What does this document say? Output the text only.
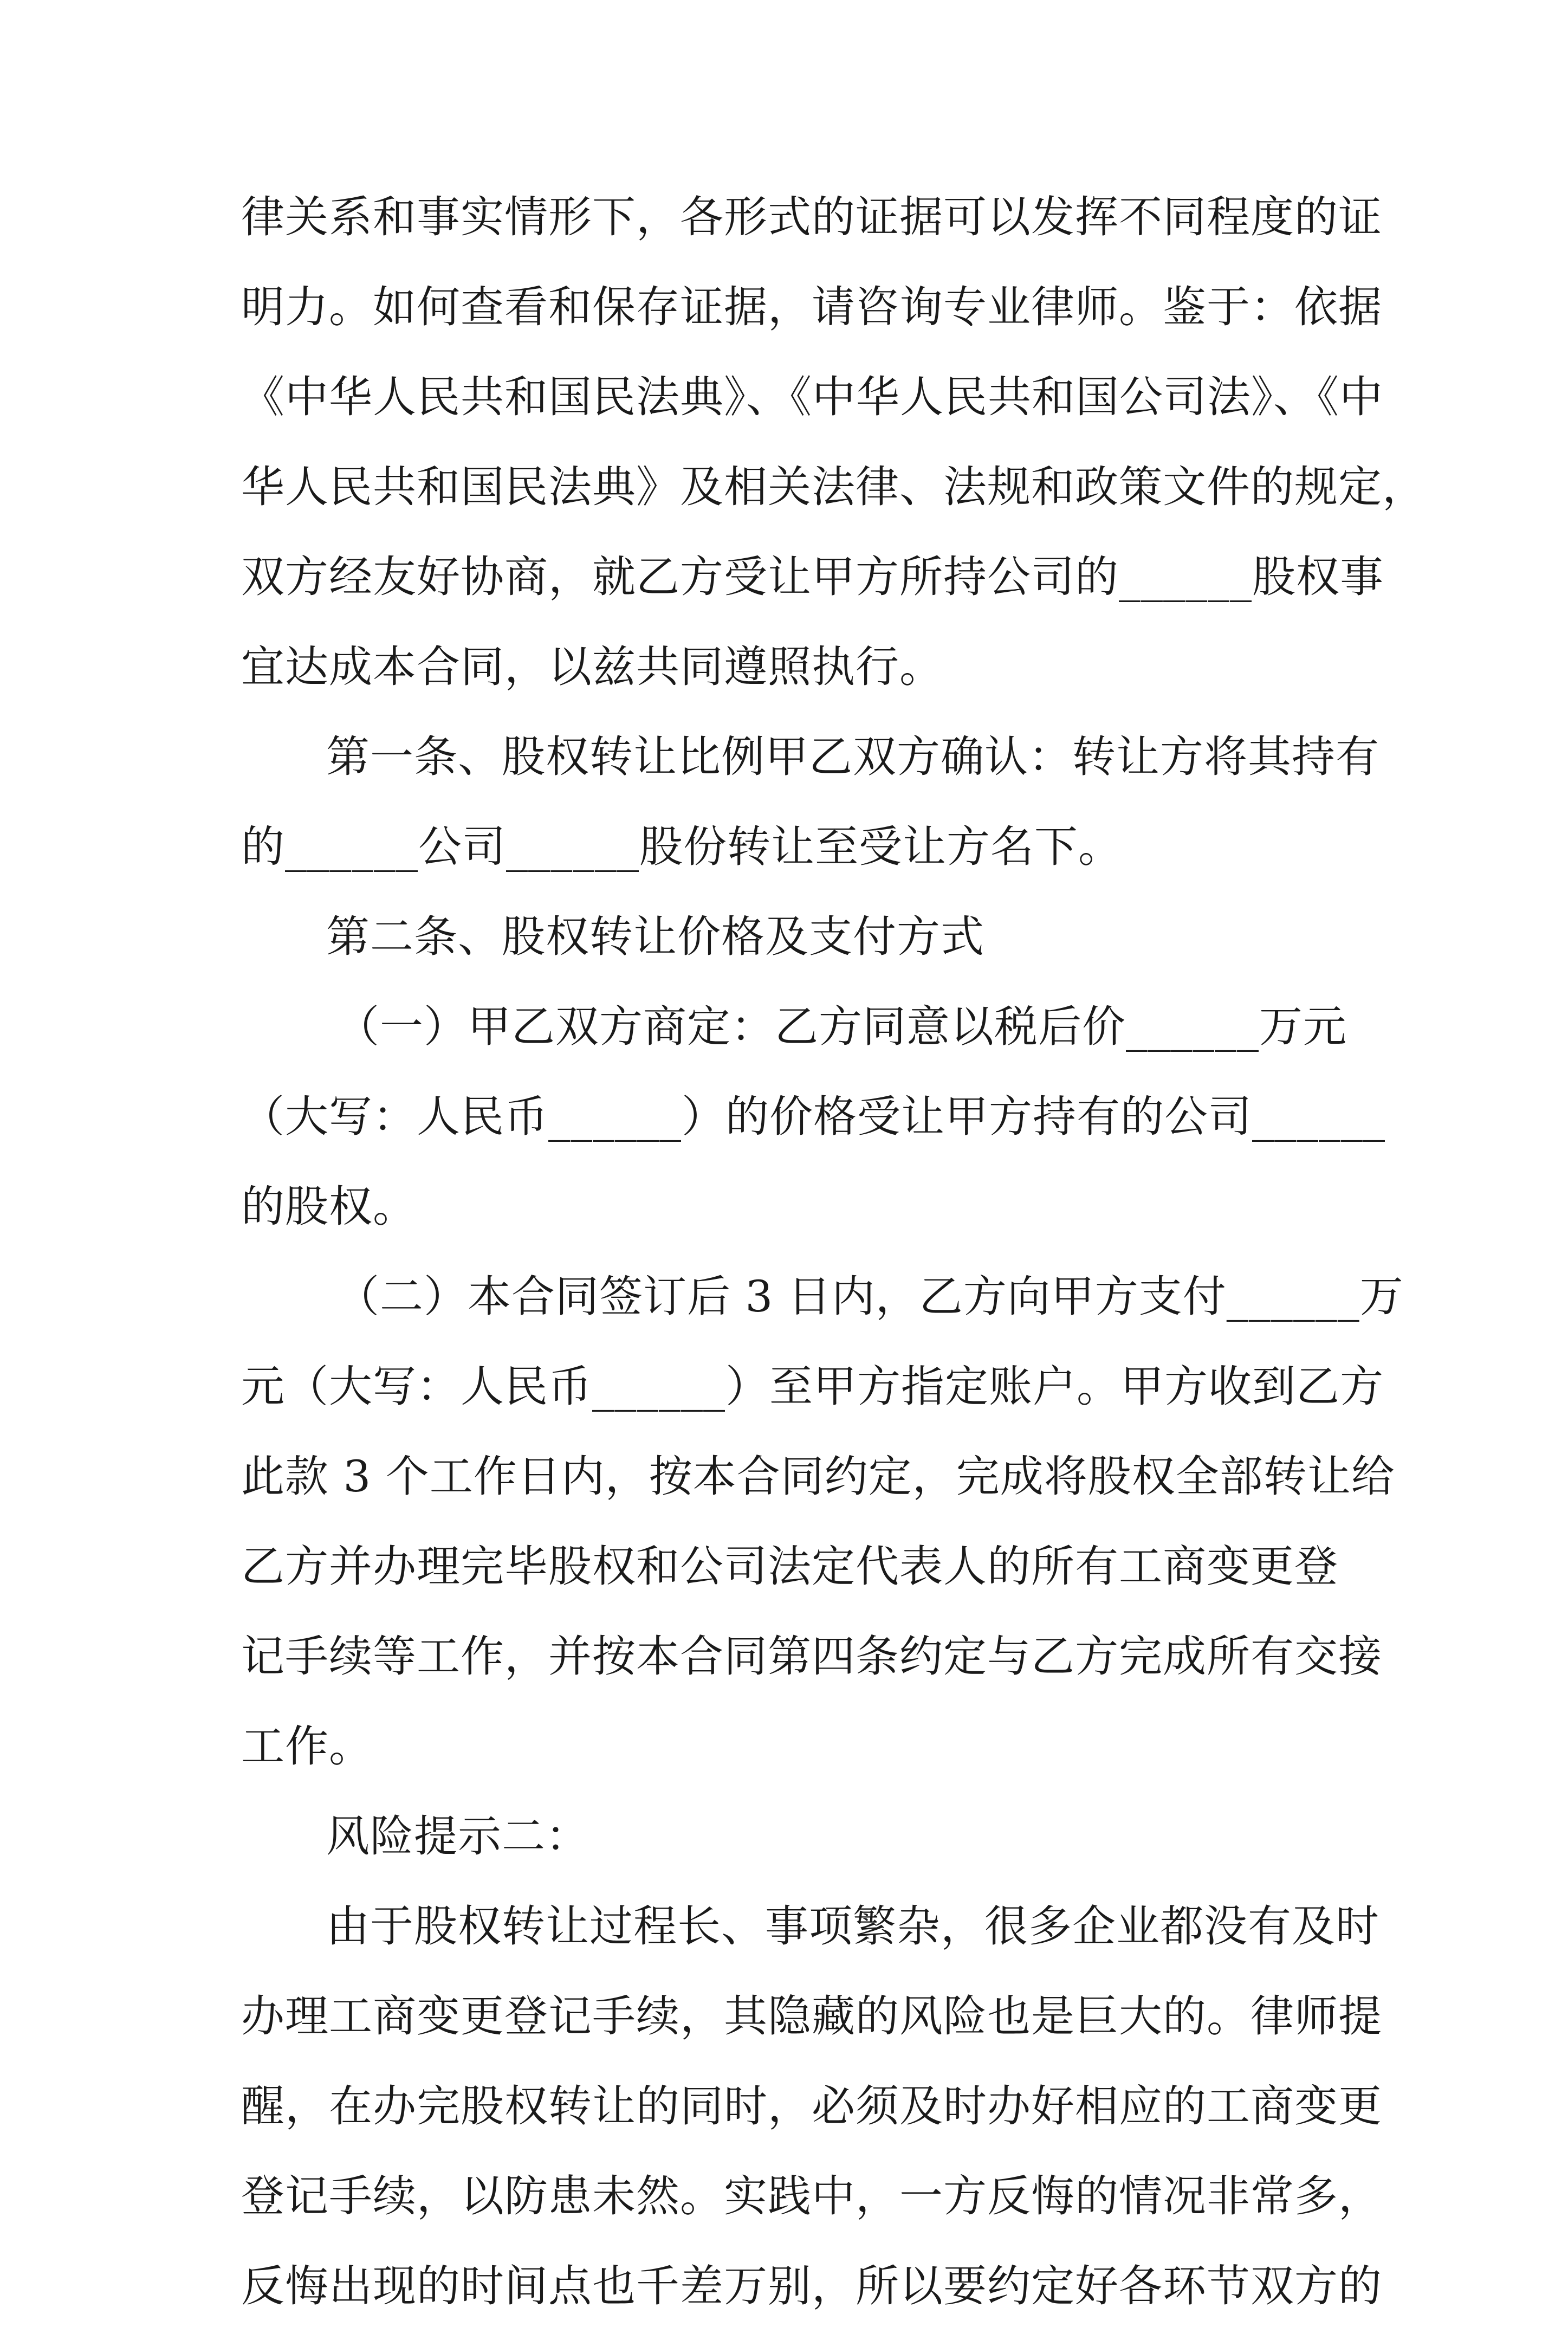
律关系和事实情形下，各形式的证据可以发挥不同程度的证
明力。如何查看和保存证据，请咨询专业律师。鉴于：依据
《中华人民共和国民法典》、《中华人民共和国公司法》、《中
华人民共和国民法典》及相关法律、法规和政策文件的规定，
双方经友好协商，就乙方受让甲方所持公司的______股权事
宜达成本合同，以兹共同遵照执行。
第一条、股权转让比例甲乙双方确认：转让方将其持有
的______公司______股份转让至受让方名下。
第二条、股权转让价格及支付方式
（一）甲乙双方商定：乙方同意以税后价______万元
（大写：人民币______）的价格受让甲方持有的公司______
的股权。
（二）本合同签订后 3 日内，乙方向甲方支付______万
元（大写：人民币______）至甲方指定账户。甲方收到乙方
此款 3 个工作日内，按本合同约定，完成将股权全部转让给
乙方并办理完毕股权和公司法定代表人的所有工商变更登
记手续等工作，并按本合同第四条约定与乙方完成所有交接
工作。
风险提示二：
由于股权转让过程长、事项繁杂，很多企业都没有及时
办理工商变更登记手续，其隐藏的风险也是巨大的。律师提
醒，在办完股权转让的同时，必须及时办好相应的工商变更
登记手续，以防患未然。实践中，一方反悔的情况非常多，
反悔出现的时间点也千差万别，所以要约定好各环节双方的
